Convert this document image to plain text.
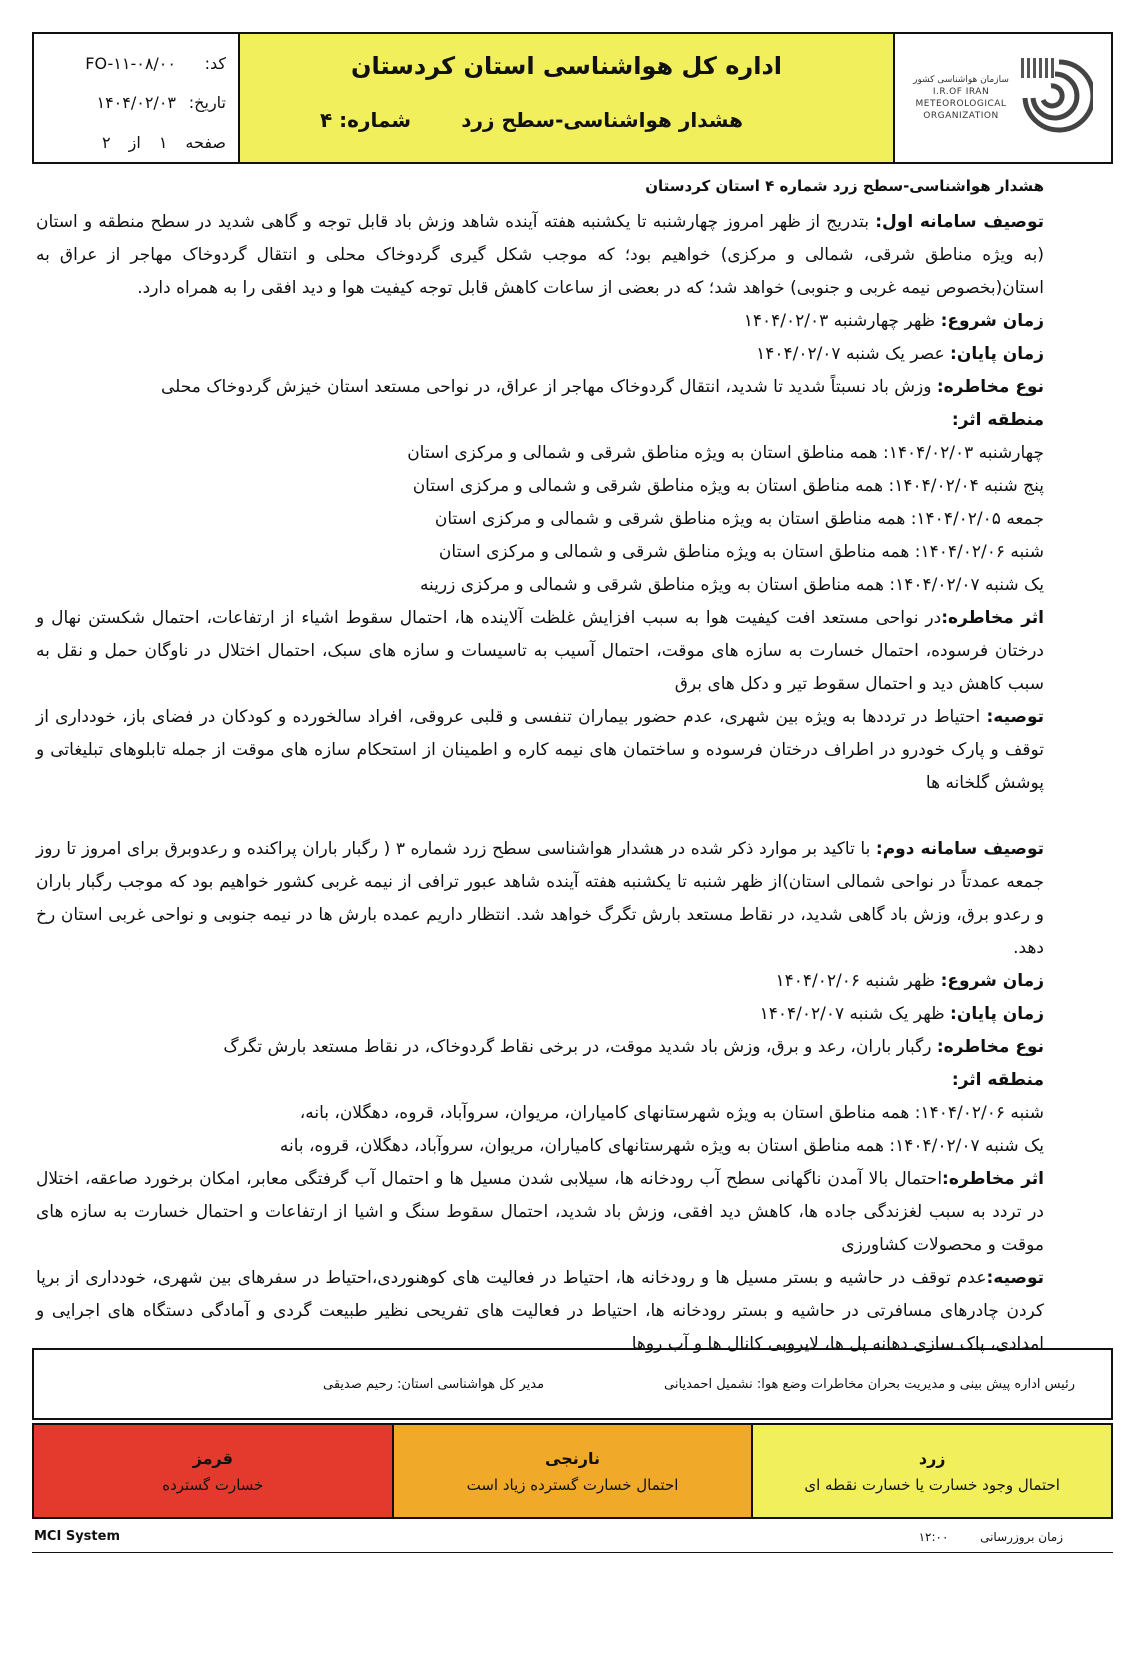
کد:
FO-۱۱-۰۸/۰۰
تاریخ:
۱۴۰۴/۰۲/۰۳
صفحه
۱
از
۲
اداره کل هواشناسی استان کردستان
هشدار هواشناسی-سطح زرد
شماره: ۴
سازمان هواشناسی کشور
I.R.OF IRAN
METEOROLOGICAL
ORGANIZATION

هشدار هواشناسی-سطح زرد شماره ۴ استان کردستان

توصیف سامانه اول: بتدریج از ظهر امروز چهارشنبه تا یکشنبه هفته آینده شاهد وزش باد قابل توجه و گاهی شدید در سطح منطقه و استان (به ویژه مناطق شرقی، شمالی و مرکزی) خواهیم بود؛ که موجب شکل گیری گردوخاک محلی و انتقال گردوخاک مهاجر از عراق به استان(بخصوص نیمه غربی و جنوبی) خواهد شد؛ که در بعضی از ساعات کاهش قابل توجه کیفیت هوا و دید افقی را به همراه دارد.

زمان شروع: ظهر چهارشنبه ۱۴۰۴/۰۲/۰۳

زمان پایان: عصر یک شنبه ۱۴۰۴/۰۲/۰۷

نوع مخاطره: وزش باد نسبتاً شدید تا شدید، انتقال گردوخاک مهاجر از عراق، در نواحی مستعد استان خیزش گردوخاک محلی

منطقه اثر:

چهارشنبه ۱۴۰۴/۰۲/۰۳: همه مناطق استان به ویژه مناطق شرقی و شمالی و مرکزی استان

پنج شنبه ۱۴۰۴/۰۲/۰۴: همه مناطق استان به ویژه مناطق شرقی و شمالی و مرکزی استان

جمعه ۱۴۰۴/۰۲/۰۵: همه مناطق استان به ویژه مناطق شرقی و شمالی و مرکزی استان

شنبه ۱۴۰۴/۰۲/۰۶: همه مناطق استان به ویژه مناطق شرقی و شمالی و مرکزی استان

یک شنبه ۱۴۰۴/۰۲/۰۷: همه مناطق استان به ویژه مناطق شرقی و شمالی و مرکزی زرینه

اثر مخاطره:در نواحی مستعد افت کیفیت هوا به سبب افزایش غلظت آلاینده ها، احتمال سقوط اشیاء از ارتفاعات، احتمال شکستن نهال و درختان فرسوده، احتمال خسارت به سازه های موقت، احتمال آسیب به تاسیسات و سازه های سبک، احتمال اختلال در ناوگان حمل و نقل به سبب کاهش دید و احتمال سقوط تیر و دکل های برق

توصیه: احتیاط در ترددها به ویژه بین شهری، عدم حضور بیماران تنفسی و قلبی عروقی، افراد سالخورده و کودکان در فضای باز، خودداری از توقف و پارک خودرو در اطراف درختان فرسوده و ساختمان های نیمه کاره و اطمینان از استحکام سازه های موقت از جمله تابلوهای تبلیغاتی و پوشش گلخانه ها

توصیف سامانه دوم: با تاکید بر موارد ذکر شده در هشدار هواشناسی سطح زرد شماره ۳ ( رگبار باران پراکنده و رعدوبرق برای امروز تا روز جمعه عمدتاً در نواحی شمالی استان)از ظهر شنبه تا یکشنبه هفته آینده شاهد عبور ترافی از نیمه غربی کشور خواهیم بود که موجب رگبار باران و رعدو برق، وزش باد گاهی شدید، در نقاط مستعد بارش تگرگ خواهد شد. انتظار داریم عمده بارش ها در نیمه جنوبی و نواحی غربی استان رخ دهد.

زمان شروع: ظهر شنبه ۱۴۰۴/۰۲/۰۶

زمان پایان: ظهر یک شنبه ۱۴۰۴/۰۲/۰۷

نوع مخاطره: رگبار باران، رعد و برق، وزش باد شدید موقت، در برخی نقاط گردوخاک، در نقاط مستعد بارش تگرگ

منطقه اثر:

شنبه ۱۴۰۴/۰۲/۰۶: همه مناطق استان به ویژه شهرستانهای کامیاران، مریوان، سروآباد، قروه، دهگلان، بانه،

یک شنبه ۱۴۰۴/۰۲/۰۷: همه مناطق استان به ویژه شهرستانهای کامیاران، مریوان، سروآباد، دهگلان، قروه، بانه

اثر مخاطره:احتمال بالا آمدن ناگهانی سطح آب رودخانه ها، سیلابی شدن مسیل ها و احتمال آب گرفتگی معابر، امکان برخورد صاعقه، اختلال در تردد به سبب لغزندگی جاده ها، کاهش دید افقی، وزش باد شدید، احتمال سقوط سنگ و اشیا از ارتفاعات و احتمال خسارت به سازه های موقت و محصولات کشاورزی

توصیه:عدم توقف در حاشیه و بستر مسیل ها و رودخانه ها، احتیاط در فعالیت های کوهنوردی،احتیاط در سفرهای بین شهری، خودداری از برپا کردن چادرهای مسافرتی در حاشیه و بستر رودخانه ها، احتیاط در فعالیت های تفریحی نظیر طبیعت گردی و آمادگی دستگاه های اجرایی و امدادی، پاک سازی دهانه پل ها، لایروبی کانال ها و آب روها

رئیس اداره پیش بینی و مدیریت بحران مخاطرات وضع هوا: نشمیل احمدیانی
مدیر کل هواشناسی استان: رحیم صدیقی
قرمز
خسارت گسترده
نارنجی
احتمال خسارت گسترده زیاد است
زرد
احتمال وجود خسارت یا خسارت نقطه ای
MCI System	زمان بروزرسانی  ۱۲:۰۰
